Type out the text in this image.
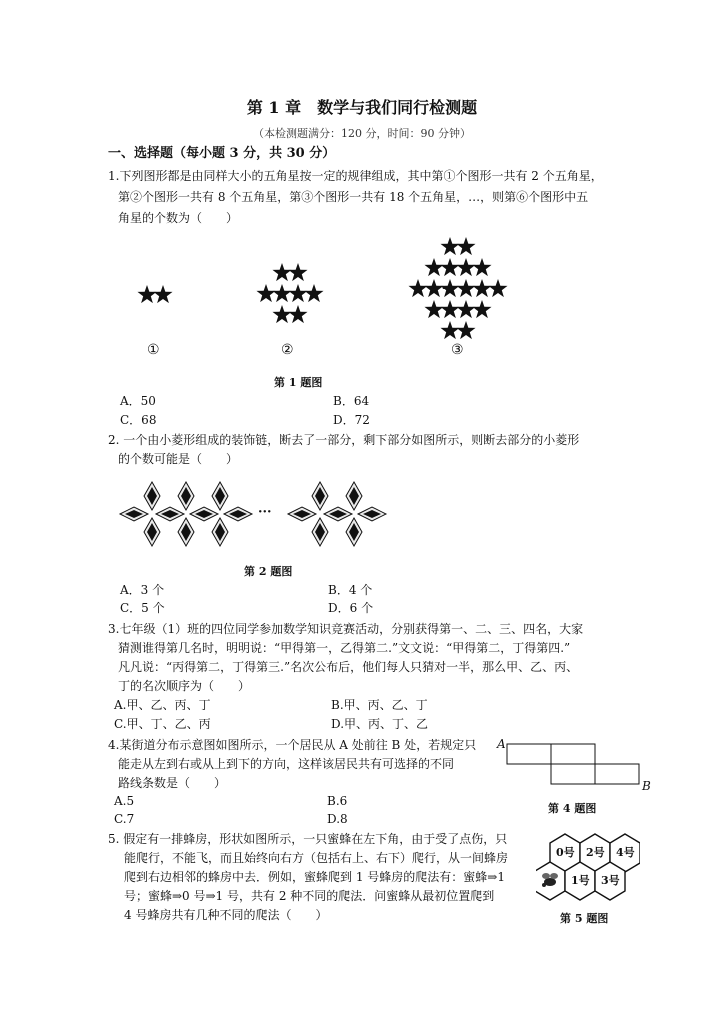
第 1 章　数学与我们同行检测题
（本检测题满分：120 分，时间：90 分钟）
一、选择题（每小题 3 分，共 30 分）
1.下列图形都是由同样大小的五角星按一定的规律组成，其中第①个图形一共有 2 个五角星，
第②个图形一共有 8 个五角星，第③个图形一共有 18 个五角星，…，则第⑥个图形中五
角星的个数为（　　）
···
①	②	③
第 1 题图
A．50	B．64
C．68	D．72
2. 一个由小菱形组成的装饰链，断去了一部分，剩下部分如图所示，则断去部分的小菱形
的个数可能是（　　）
···
第 2 题图
A．3 个	B．4 个
C．5 个	D．6 个
3.七年级（1）班的四位同学参加数学知识竞赛活动，分别获得第一、二、三、四名，大家
猜测谁得第几名时，明明说：“甲得第一，乙得第二.”文文说：“甲得第二，丁得第四.”
凡凡说：“丙得第二，丁得第三.”名次公布后，他们每人只猜对一半，那么甲、乙、丙、
丁的名次顺序为（　　）
A.甲、乙、丙、丁	B.甲、丙、乙、丁
C.甲、丁、乙、丙	D.甲、丙、丁、乙
4.某街道分布示意图如图所示，一个居民从 A 处前往 B 处，若规定只
能走从左到右或从上到下的方向，这样该居民共有可选择的不同
路线条数是（　　）
A.5	B.6
C.7	D.8
A
B
第 4 题图
5. 假定有一排蜂房，形状如图所示，一只蜜蜂在左下角，由于受了点伤，只
能爬行，不能飞，而且始终向右方（包括右上、右下）爬行，从一间蜂房
爬到右边相邻的蜂房中去．例如，蜜蜂爬到 1 号蜂房的爬法有：蜜蜂⇒1
号；蜜蜂⇒0 号⇒1 号，共有 2 种不同的爬法．问蜜蜂从最初位置爬到
4 号蜂房共有几种不同的爬法（　　）
0号 2号 4号
1号 3号
第 5 题图
